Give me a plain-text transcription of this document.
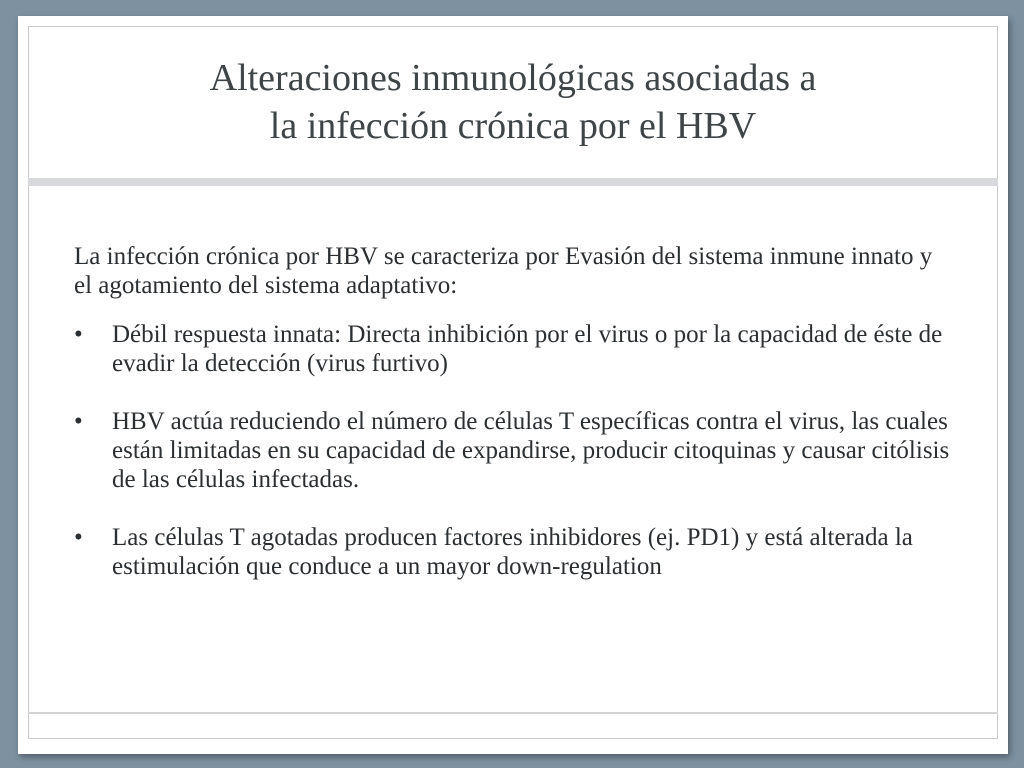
Alteraciones inmunológicas asociadas a
la infección crónica por el HBV

La infección crónica por HBV se caracteriza por Evasión del sistema inmune innato y el agotamiento del sistema adaptativo:

• Débil respuesta innata: Directa inhibición por el virus o por la capacidad de éste de evadir la detección (virus furtivo)
• HBV actúa reduciendo el número de células T específicas contra el virus, las cuales están limitadas en su capacidad de expandirse, producir citoquinas y causar citólisis de las células infectadas.
• Las células T agotadas producen factores inhibidores (ej. PD1) y está alterada la estimulación que conduce a un mayor down-regulation
